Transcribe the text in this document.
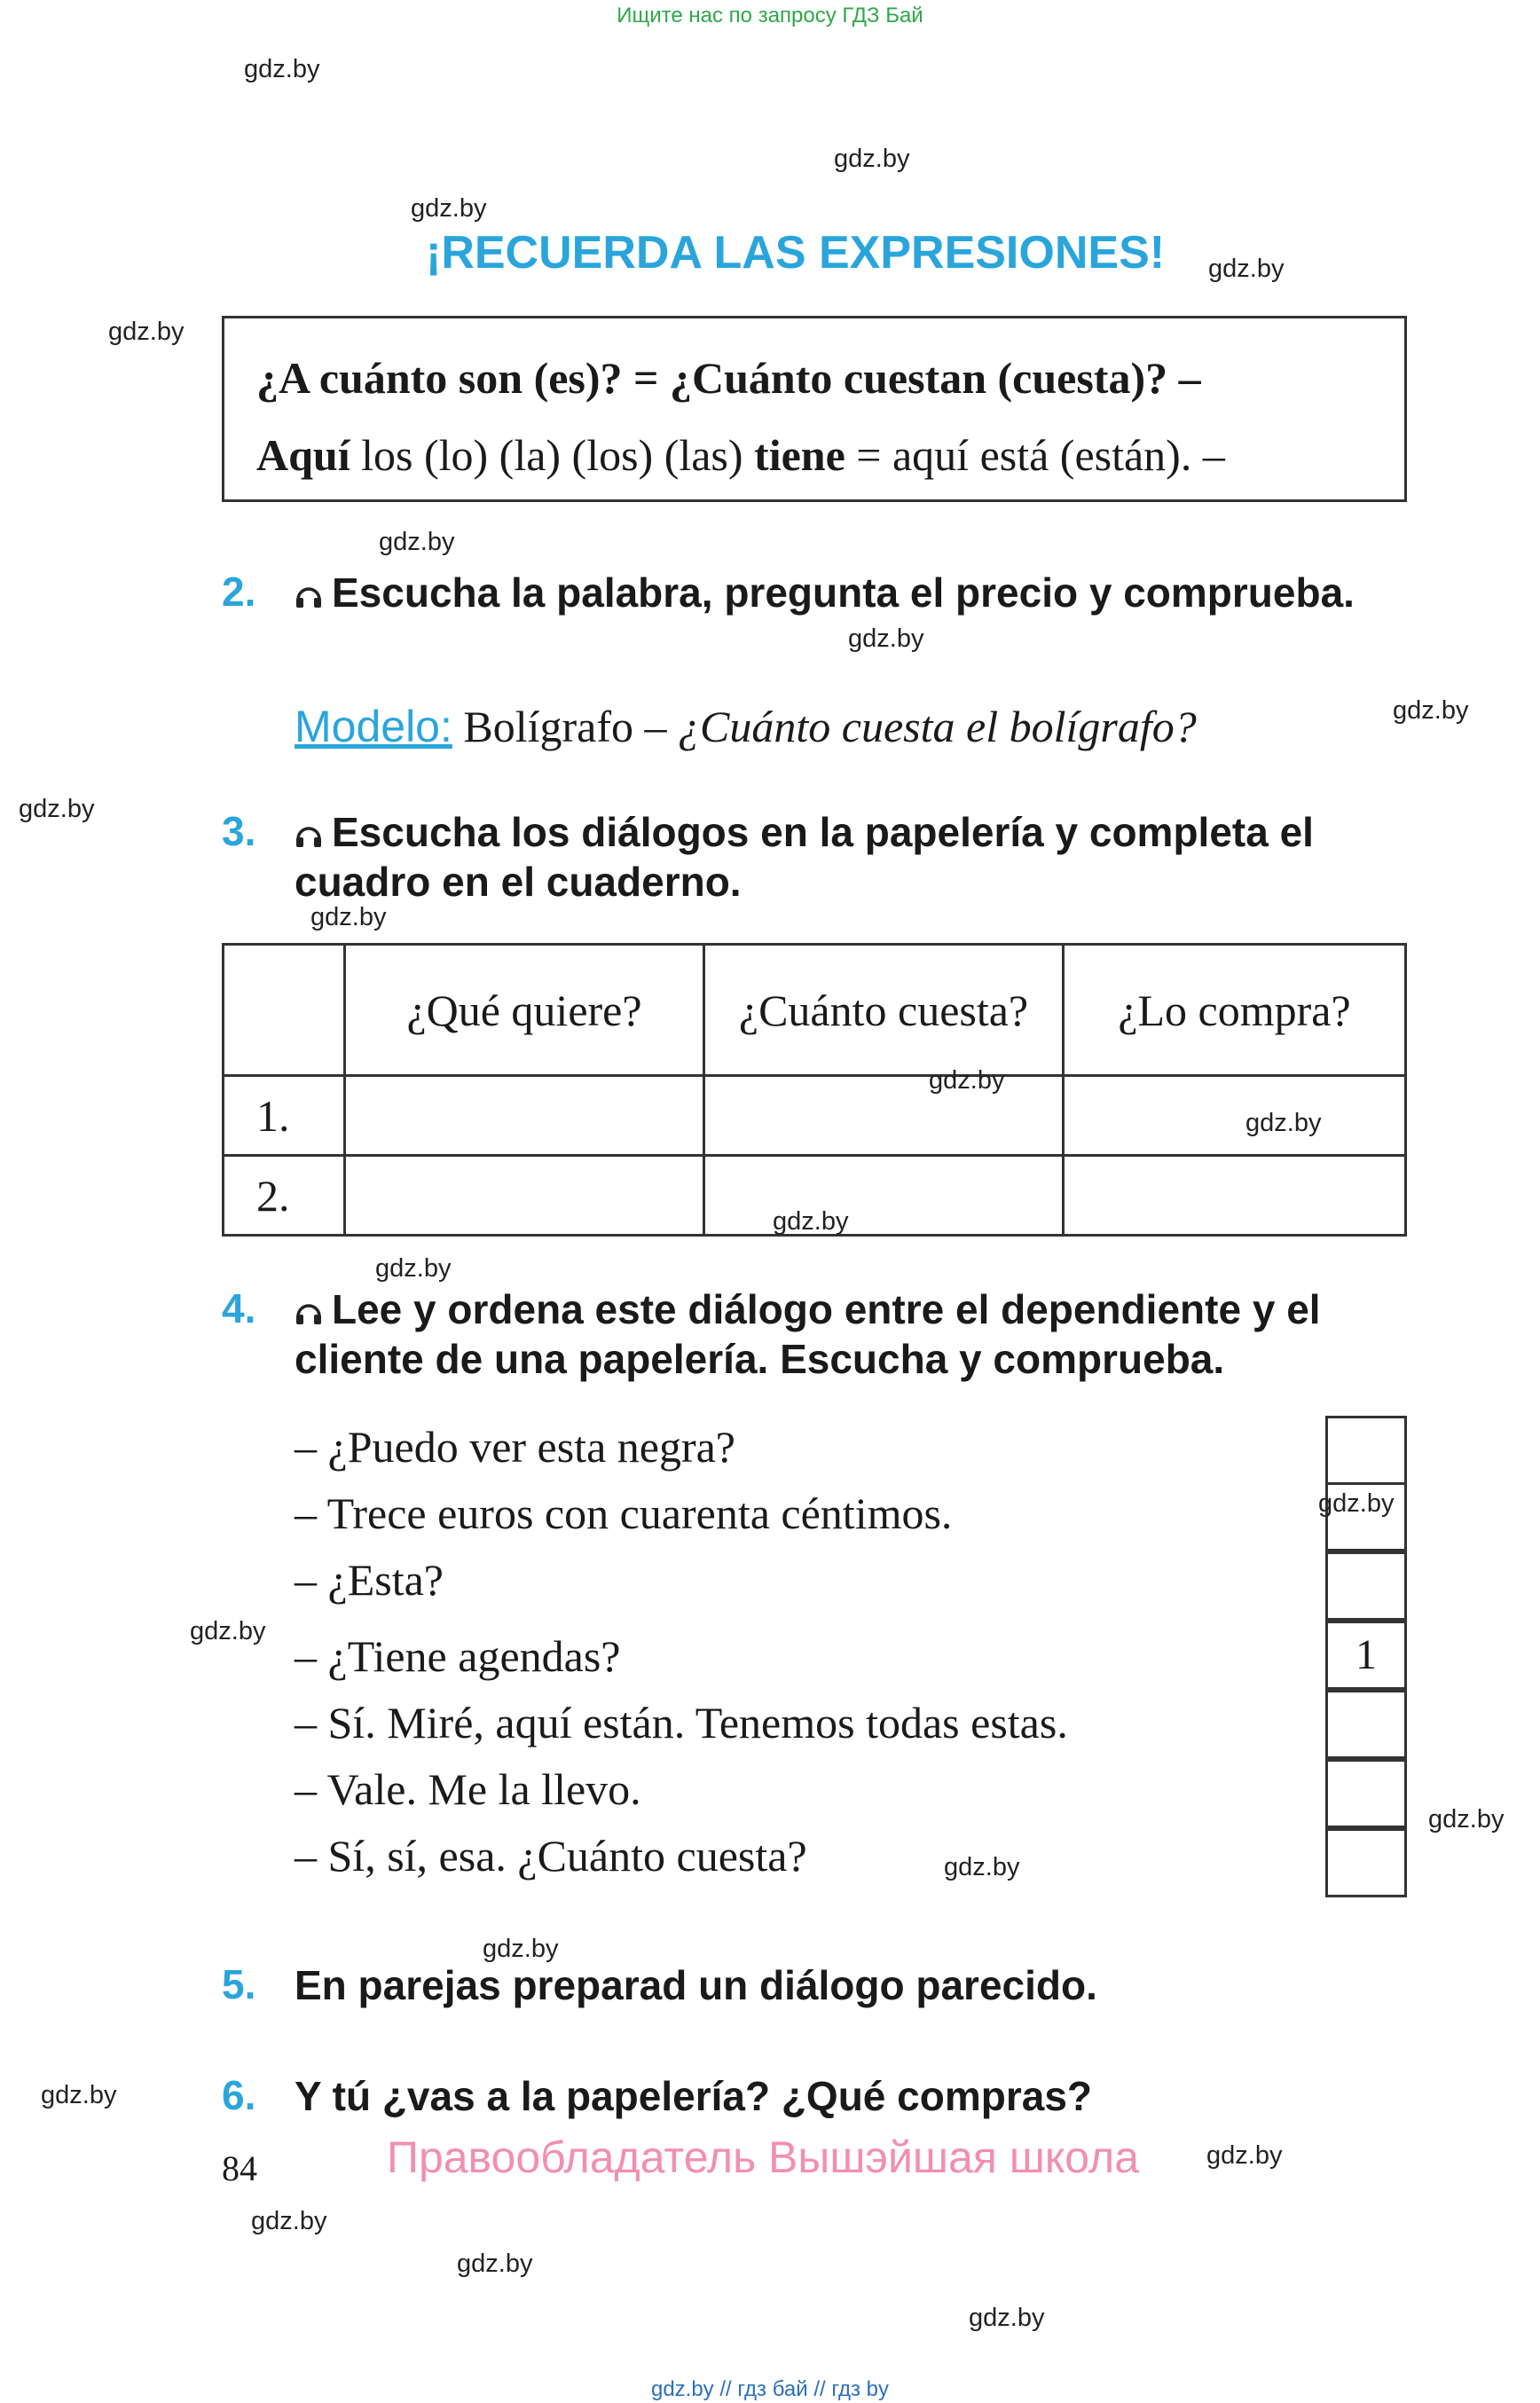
Ищите нас по запросу ГДЗ Бай
¡RECUERDA LAS EXPRESIONES!
¿A cuánto son (es)? = ¿Cuánto cuestan (cuesta)? –
Aquí los (lo) (la) (los) (las) tiene = aquí está (están). –
2.	Escucha la palabra, pregunta el precio y comprueba.
Modelo: Bolígrafo – ¿Cuánto cuesta el bolígrafo?
3.	Escucha los diálogos en la papelería y completa el cuadro en el cuaderno.
	¿Qué quiere?	¿Cuánto cuesta?	¿Lo compra?
1.			
2.			
4.	Lee y ordena este diálogo entre el dependiente y el cliente de una papelería. Escucha y comprueba.
– ¿Puedo ver esta negra?
– Trece euros con cuarenta céntimos.
– ¿Esta?
– ¿Tiene agendas?
– Sí. Miré, aquí están. Tenemos todas estas.
– Vale. Me la llevo.
– Sí, sí, esa. ¿Cuánto cuesta?
1
5. En parejas preparad un diálogo parecido.
6. Y tú ¿vas a la papelería? ¿Qué compras?
84	Правообладатель Вышэйшая школа
gdz.by
gdz.by
gdz.by
gdz.by
gdz.by
gdz.by
gdz.by
gdz.by
gdz.by
gdz.by
gdz.by
gdz.by
gdz.by
gdz.by
gdz.by
gdz.by
gdz.by
gdz.by
gdz.by
gdz.by
gdz.by
gdz.by
gdz.by
gdz.by
gdz.by // гдз бай // гдз by
